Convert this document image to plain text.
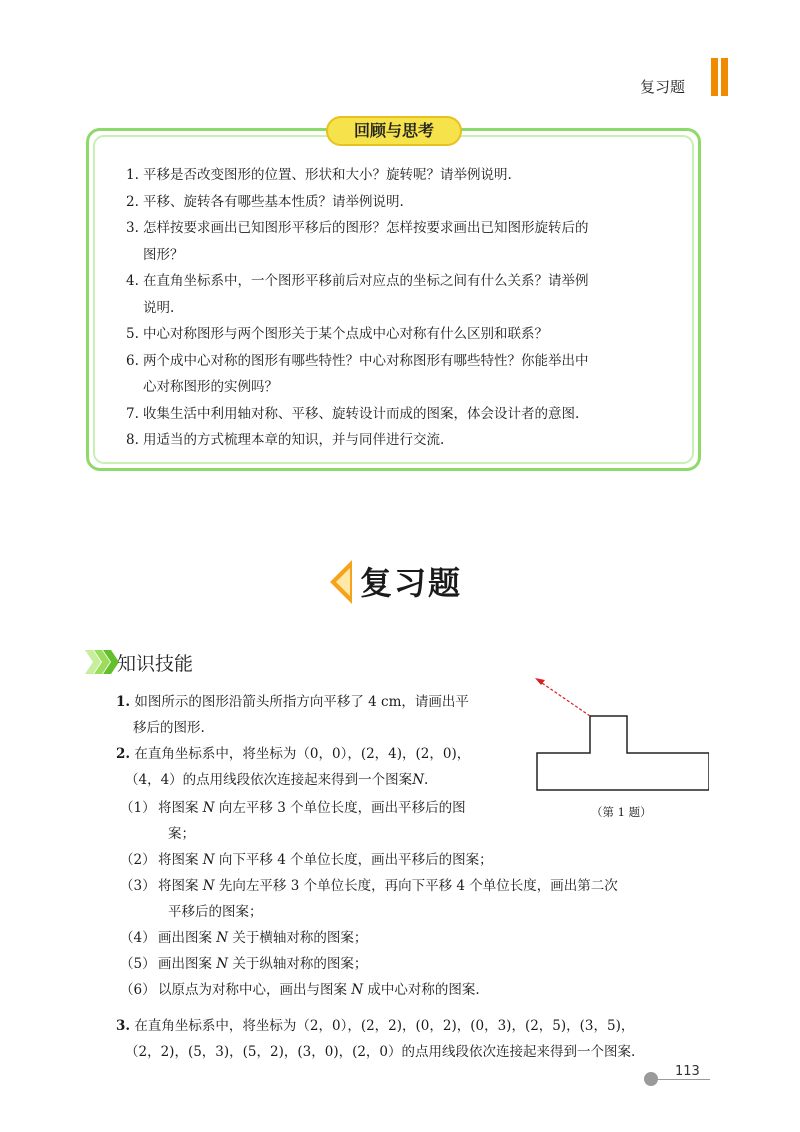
复习题
回顾与思考
1. 平移是否改变图形的位置、形状和大小？旋转呢？请举例说明.
2. 平移、旋转各有哪些基本性质？请举例说明.
3. 怎样按要求画出已知图形平移后的图形？怎样按要求画出已知图形旋转后的
图形？
4. 在直角坐标系中，一个图形平移前后对应点的坐标之间有什么关系？请举例
说明.
5. 中心对称图形与两个图形关于某个点成中心对称有什么区别和联系？
6. 两个成中心对称的图形有哪些特性？中心对称图形有哪些特性？你能举出中
心对称图形的实例吗？
7. 收集生活中利用轴对称、平移、旋转设计而成的图案，体会设计者的意图.
8. 用适当的方式梳理本章的知识，并与同伴进行交流.
复习题
知识技能
1. 如图所示的图形沿箭头所指方向平移了 4 cm，请画出平
移后的图形.
2. 在直角坐标系中，将坐标为（0，0），(2，4)，(2，0)，
（4，4）的点用线段依次连接起来得到一个图案N.
（1） 将图案 N 向左平移 3 个单位长度，画出平移后的图
案；
（2） 将图案 N 向下平移 4 个单位长度，画出平移后的图案；
（3） 将图案 N 先向左平移 3 个单位长度，再向下平移 4 个单位长度，画出第二次
平移后的图案；
（4） 画出图案 N 关于横轴对称的图案；
（5） 画出图案 N 关于纵轴对称的图案；
（6） 以原点为对称中心，画出与图案 N 成中心对称的图案.
3. 在直角坐标系中，将坐标为（2，0），(2，2)，(0，2)，(0，3)，(2，5)，(3，5)，
（2，2)，(5，3)，(5，2)，(3，0)，(2，0）的点用线段依次连接起来得到一个图案.
（第 1 题）
113
